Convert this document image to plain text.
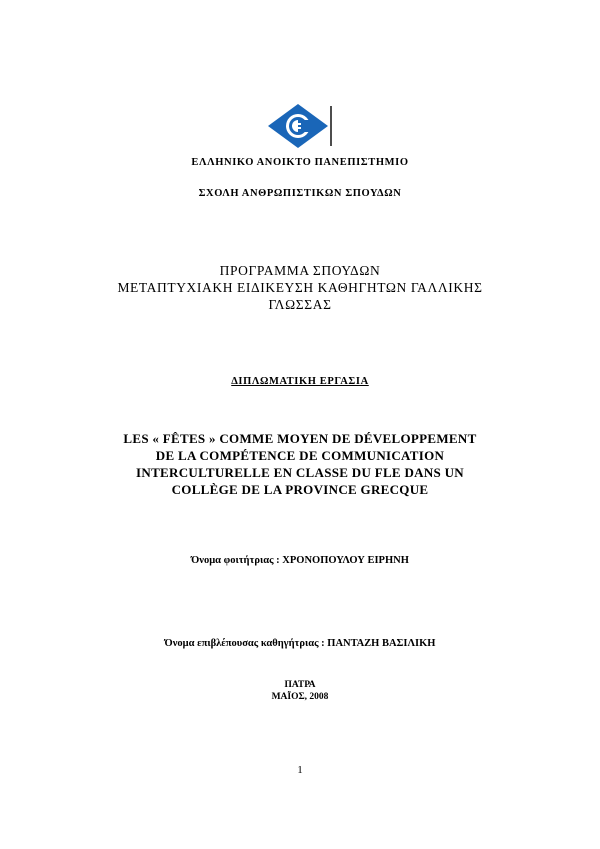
ΕΛΛΗΝΙΚΟ ΑΝΟΙΚΤΟ ΠΑΝΕΠΙΣΤΗΜΙΟ
ΣΧΟΛΗ ΑΝΘΡΩΠΙΣΤΙΚΩΝ ΣΠΟΥΔΩΝ
ΠΡΟΓΡΑΜΜΑ ΣΠΟΥΔΩΝ
ΜΕΤΑΠΤΥΧΙΑΚΗ ΕΙΔΙΚΕΥΣΗ ΚΑΘΗΓΗΤΩΝ ΓΑΛΛΙΚΗΣ
ΓΛΩΣΣΑΣ
ΔΙΠΛΩΜΑΤΙΚΗ ΕΡΓΑΣΙΑ
LES « FÊTES » COMME MOYEN DE DÉVELOPPEMENT
DE LA COMPÉTENCE DE COMMUNICATION
INTERCULTURELLE EN CLASSE DU FLE DANS UN
COLLÈGE DE LA PROVINCE GRECQUE
Όνομα φοιτήτριας : ΧΡΟΝΟΠΟΥΛΟΥ ΕΙΡΗΝΗ
Όνομα επιβλέπουσας καθηγήτριας : ΠΑΝΤΑΖΗ ΒΑΣΙΛΙΚΗ
ΠΑΤΡΑ
ΜΑΪΟΣ, 2008
1
